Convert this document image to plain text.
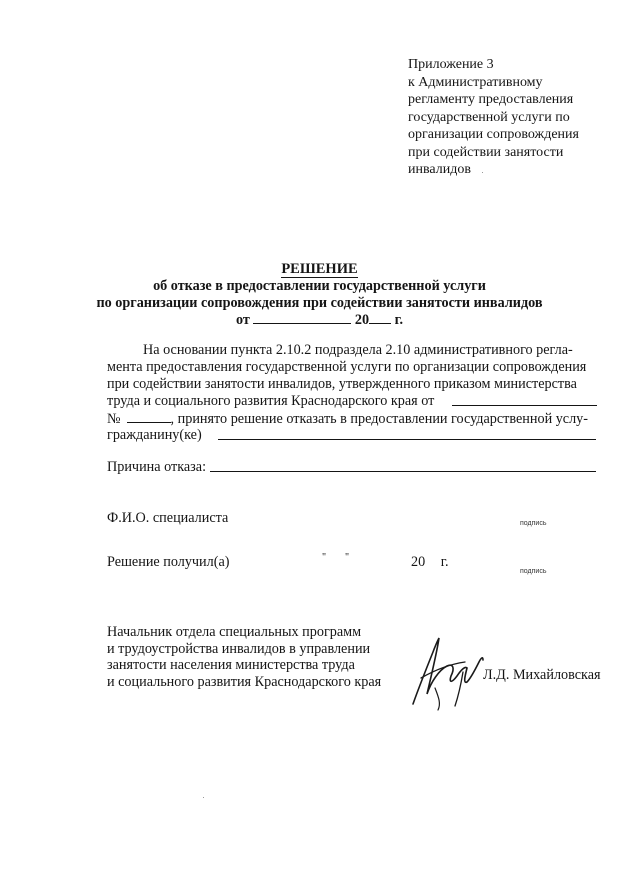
Приложение 3
к Административному
регламенту предоставления
государственной услуги по
организации сопровождения
при содействии занятости
инвалидов
РЕШЕНИЕ
об отказе в предоставлении государственной услуги
по организации сопровождения при содействии занятости инвалидов
от	20 г.
На основании пункта 2.10.2 подраздела 2.10 административного регла-
мента предоставления государственной услуги по организации сопровождения
при содействии занятости инвалидов, утвержденного приказом министерства
труда и социального развития Краснодарского края от
№	, принято решение отказать в предоставлении государственной услу-
гражданину(ке)
Причина отказа:
Ф.И.О. специалиста	подпись
Решение получил(а)	" "	20 г.
подпись
Начальник отдела специальных программ
и трудоустройства инвалидов в управлении
занятости населения министерства труда
и социального развития Краснодарского края	Л.Д. Михайловская
